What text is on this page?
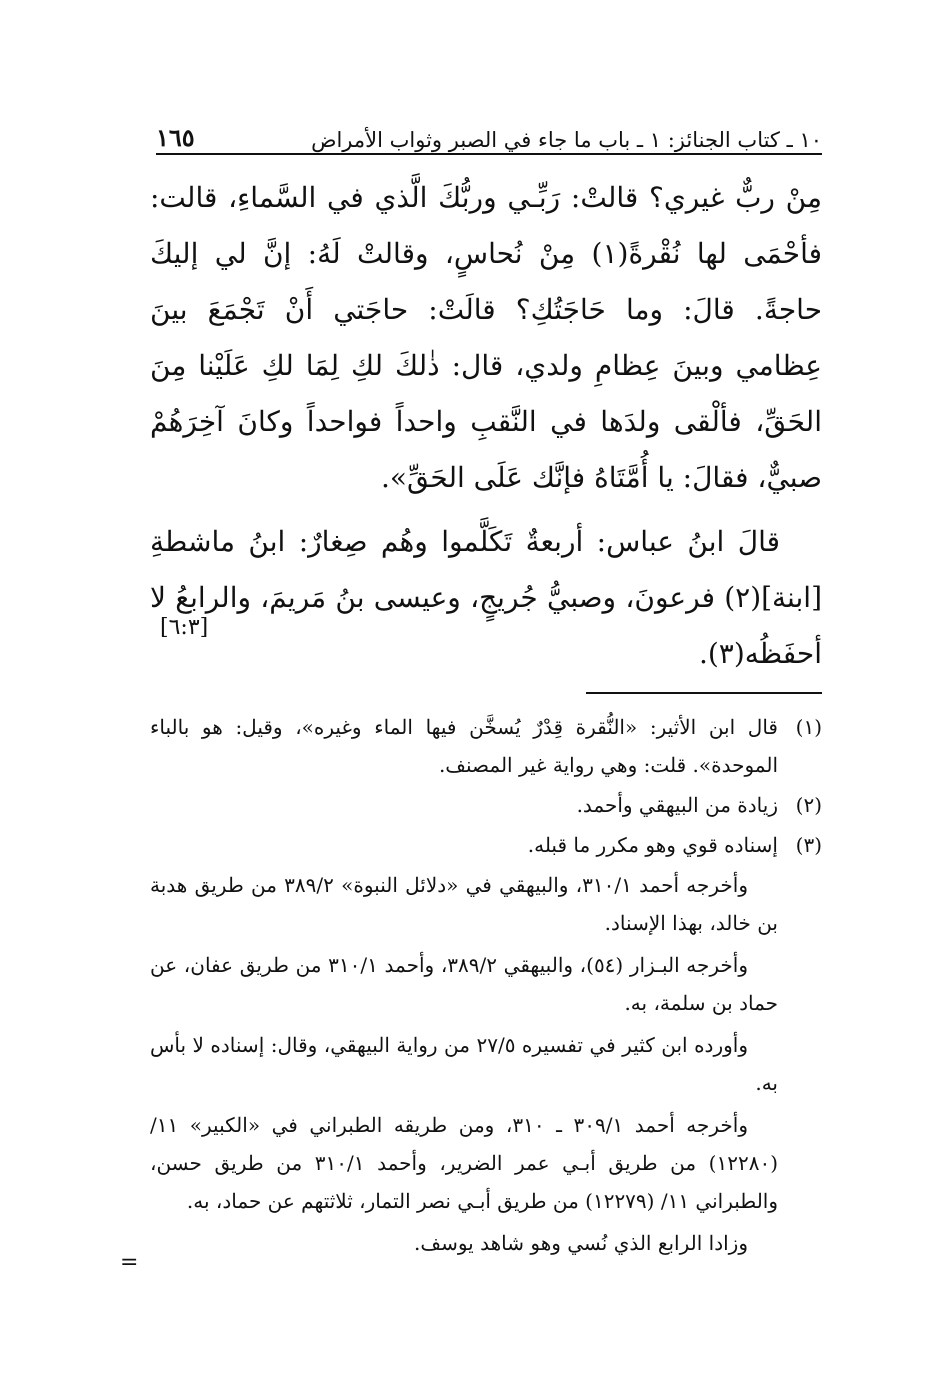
١٠ ـ كتاب الجنائز: ١ ـ باب ما جاء في الصبر وثواب الأمراض
١٦٥

مِنْ ربٌّ غيري؟ قالتْ: رَبِّـي وربُّكَ الَّذي في السَّماءِ، قالت: فأحْمَى لها نُقْرةً(١) مِنْ نُحاسٍ، وقالتْ لَهُ: إنَّ لي إليكَ حاجةً. قالَ: وما حَاجَتُكِ؟ قالَتْ: حاجَتي أَنْ تَجْمَعَ بينَ عِظامي وبينَ عِظامِ ولدي، قال: ذٰلكَ لكِ لِمَا لكِ عَلَيْنا مِنَ الحَقِّ، فألْقى ولدَها في النَّقبِ واحداً فواحداً وكانَ آخِرَهُمْ صبيٌّ، فقالَ: يا أُمَّتَاهُ فإنَّك عَلَى الحَقِّ».

قالَ ابنُ عباس: أربعةٌ تَكَلَّموا وهُم صِغارٌ: ابنُ ماشطةِ [ابنة](٢) فرعونَ، وصبيُّ جُريجٍ، وعيسى بنُ مَريمَ، والرابعُ لا أحفَظُه(٣).

[٦:٣]
(١)
قال ابن الأثير: «النُّقرة قِدْرٌ يُسخَّن فيها الماء وغيره»، وقيل: هو بالباء الموحدة». قلت: وهي رواية غير المصنف.
(٢)
زيادة من البيهقي وأحمد.
(٣)
إسناده قوي وهو مكرر ما قبله.

وأخرجه أحمد ٣١٠/١، والبيهقي في «دلائل النبوة» ٣٨٩/٢ من طريق هدبة بن خالد، بهذا الإسناد.

وأخرجه البـزار (٥٤)، والبيهقي ٣٨٩/٢، وأحمد ٣١٠/١ من طريق عفان، عن حماد بن سلمة، به.

وأورده ابن كثير في تفسيره ٢٧/٥ من رواية البيهقي، وقال: إسناده لا بأس به.

وأخرجه أحمد ٣٠٩/١ ـ ٣١٠، ومن طريقه الطبراني في «الكبير» ١١/ (١٢٢٨٠) من طريق أبـي عمر الضرير، وأحمد ٣١٠/١ من طريق حسن، والطبراني ١١/ (١٢٢٧٩) من طريق أبـي نصر التمار، ثلاثتهم عن حماد، به.

وزادا الرابع الذي نُسي وهو شاهد يوسف.

=
